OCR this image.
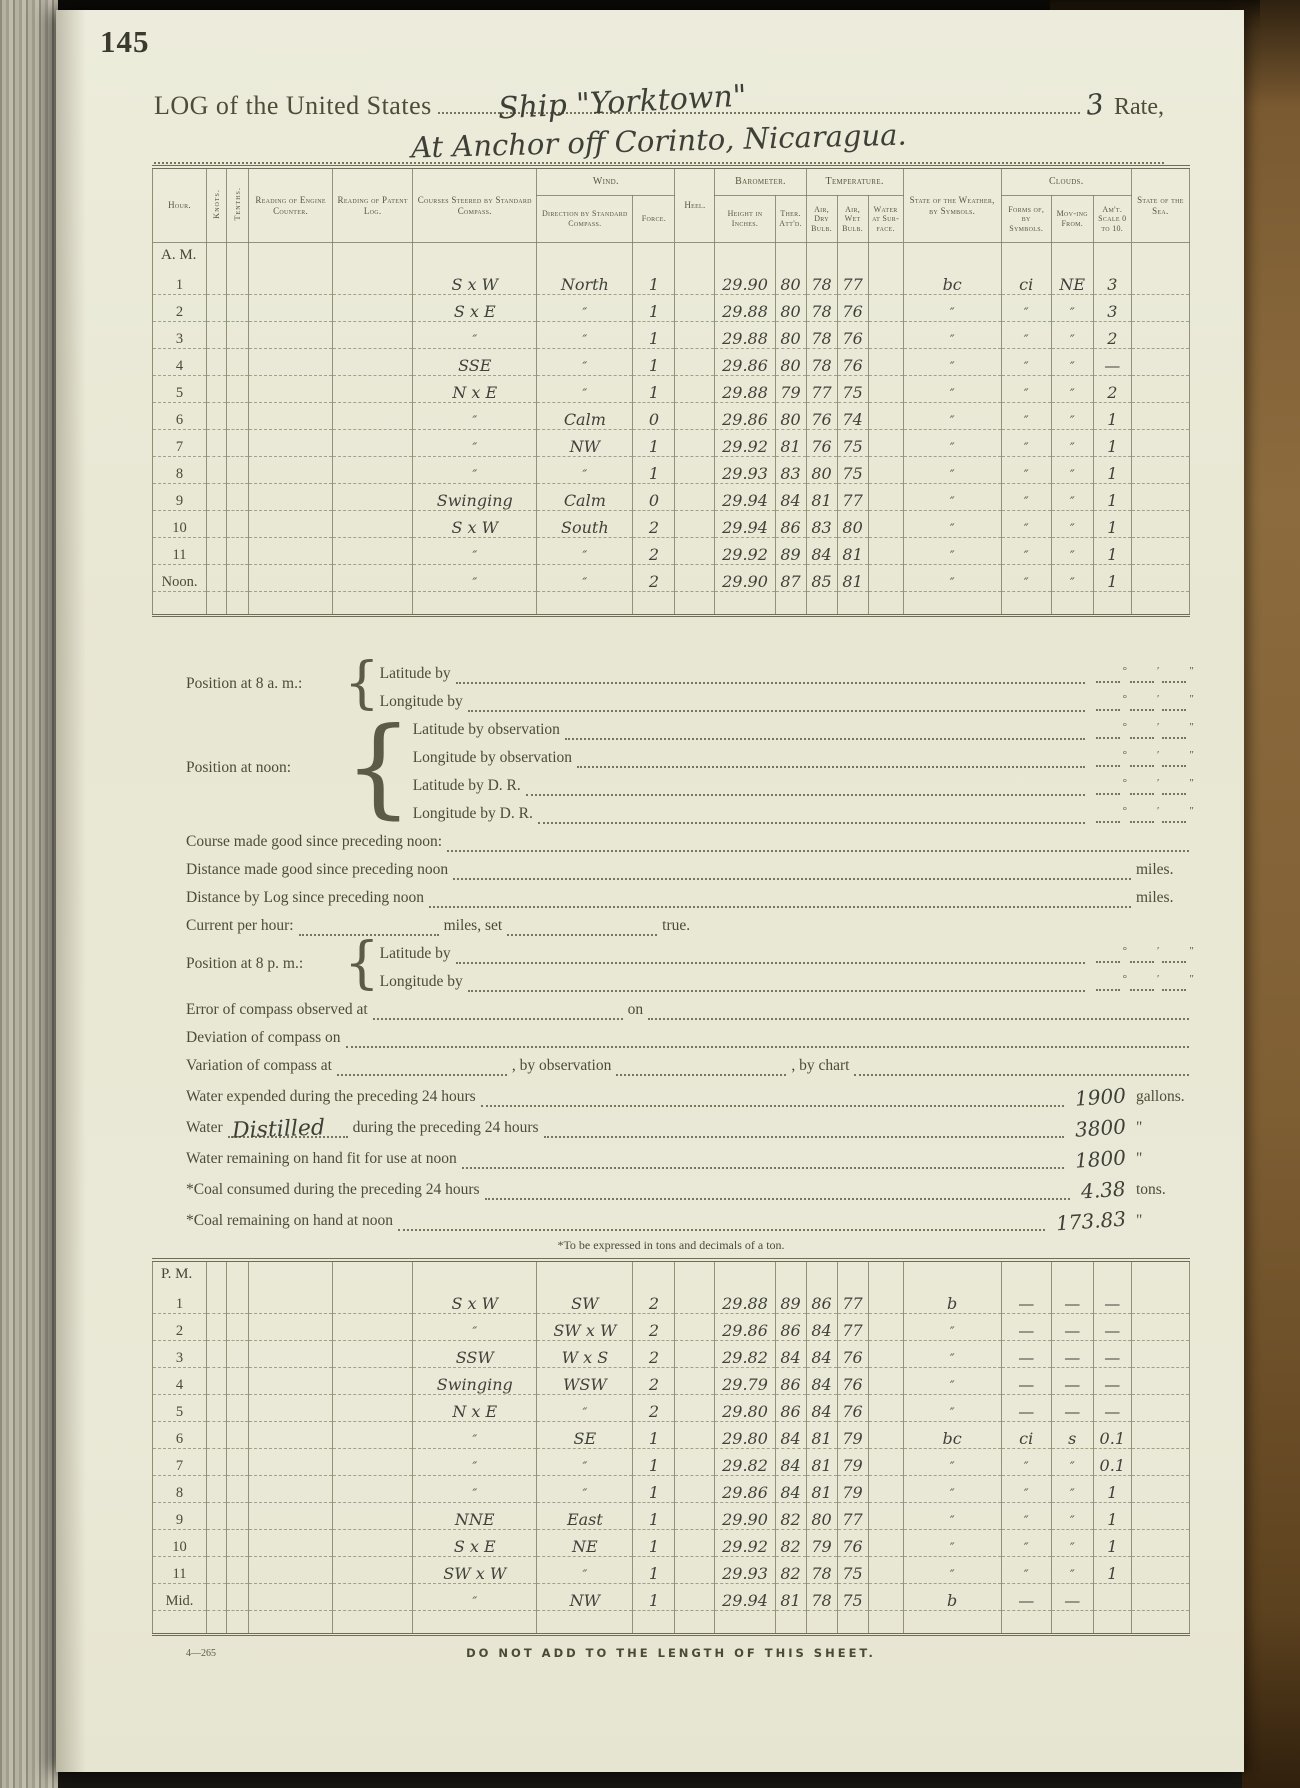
145
LOG of the United States Ship "Yorktown"	3 Rate,
At Anchor off Corinto, Nicaragua.
Hour.	Knots.	Tenths.	Reading of Engine Counter.	Reading of Patent Log.	Courses Steered by Standard Compass.	Wind.		Heel.	Barometer.		Temperature.			State of the Weather, by Symbols.	Clouds.			State of the Sea.
						Direction by Standard Compass.	Force.		Height in Inches.	Ther. Att'd.	Air, Dry Bulb.	Air, Wet Bulb.	Water at Sur-face.		Forms of, by Symbols.	Mov-ing From.	Am't. Scale 0 to 10.	
A. M.																		
1					S x W	North	1		29.90	80	78	77		bc	ci	NE	3	
2					S x E	″	1		29.88	80	78	76		″	″	″	3	
3					″	″	1		29.88	80	78	76		″	″	″	2	
4					SSE	″	1		29.86	80	78	76		″	″	″	—	
5					N x E	″	1		29.88	79	77	75		″	″	″	2	
6					″	Calm	0		29.86	80	76	74		″	″	″	1	
7					″	NW	1		29.92	81	76	75		″	″	″	1	
8					″	″	1		29.93	83	80	75		″	″	″	1	
9					Swinging	Calm	0		29.94	84	81	77		″	″	″	1	
10					S x W	South	2		29.94	86	83	80		″	″	″	1	
11					″	″	2		29.92	89	84	81		″	″	″	1	
Noon.					″	″	2		29.90	87	85	81		″	″	″	1	

Position at 8 a. m.: { Latitude by	°	′	″
Longitude by	°	′	″
Position at noon: { Latitude by observation	°	′	″
Longitude by observation	°	′	″
Latitude by D. R.	°	′	″
Longitude by D. R.	°	′	″
Course made good since preceding noon:
Distance made good since preceding noon	miles.
Distance by Log since preceding noon	miles.
Current per hour:	miles, set	true.
Position at 8 p. m.: { Latitude by	°	′	″
Longitude by	°	′	″
Error of compass observed at	on
Deviation of compass on
Variation of compass at	, by observation	, by chart
Water expended during the preceding 24 hours	1900 gallons.
Water Distilled during the preceding 24 hours	3800 "
Water remaining on hand fit for use at noon	1800 "
*Coal consumed during the preceding 24 hours	4.38 tons.
*Coal remaining on hand at noon	173.83 "
*To be expressed in tons and decimals of a ton.
P. M.																		
1					S x W	SW	2		29.88	89	86	77		b	—	—	—	
2					″	SW x W	2		29.86	86	84	77		″	—	—	—	
3					SSW	W x S	2		29.82	84	84	76		″	—	—	—	
4					Swinging	WSW	2		29.79	86	84	76		″	—	—	—	
5					N x E	″	2		29.80	86	84	76		″	—	—	—	
6					″	SE	1		29.80	84	81	79		bc	ci	s	0.1	
7					″	″	1		29.82	84	81	79		″	″	″	0.1	
8					″	″	1		29.86	84	81	79		″	″	″	1	
9					NNE	East	1		29.90	82	80	77		″	″	″	1	
10					S x E	NE	1		29.92	82	79	76		″	″	″	1	
11					SW x W	″	1		29.93	82	78	75		″	″	″	1	
Mid.					″	NW	1		29.94	81	78	75		b	—	—		

4—265	DO NOT ADD TO THE LENGTH OF THIS SHEET.
